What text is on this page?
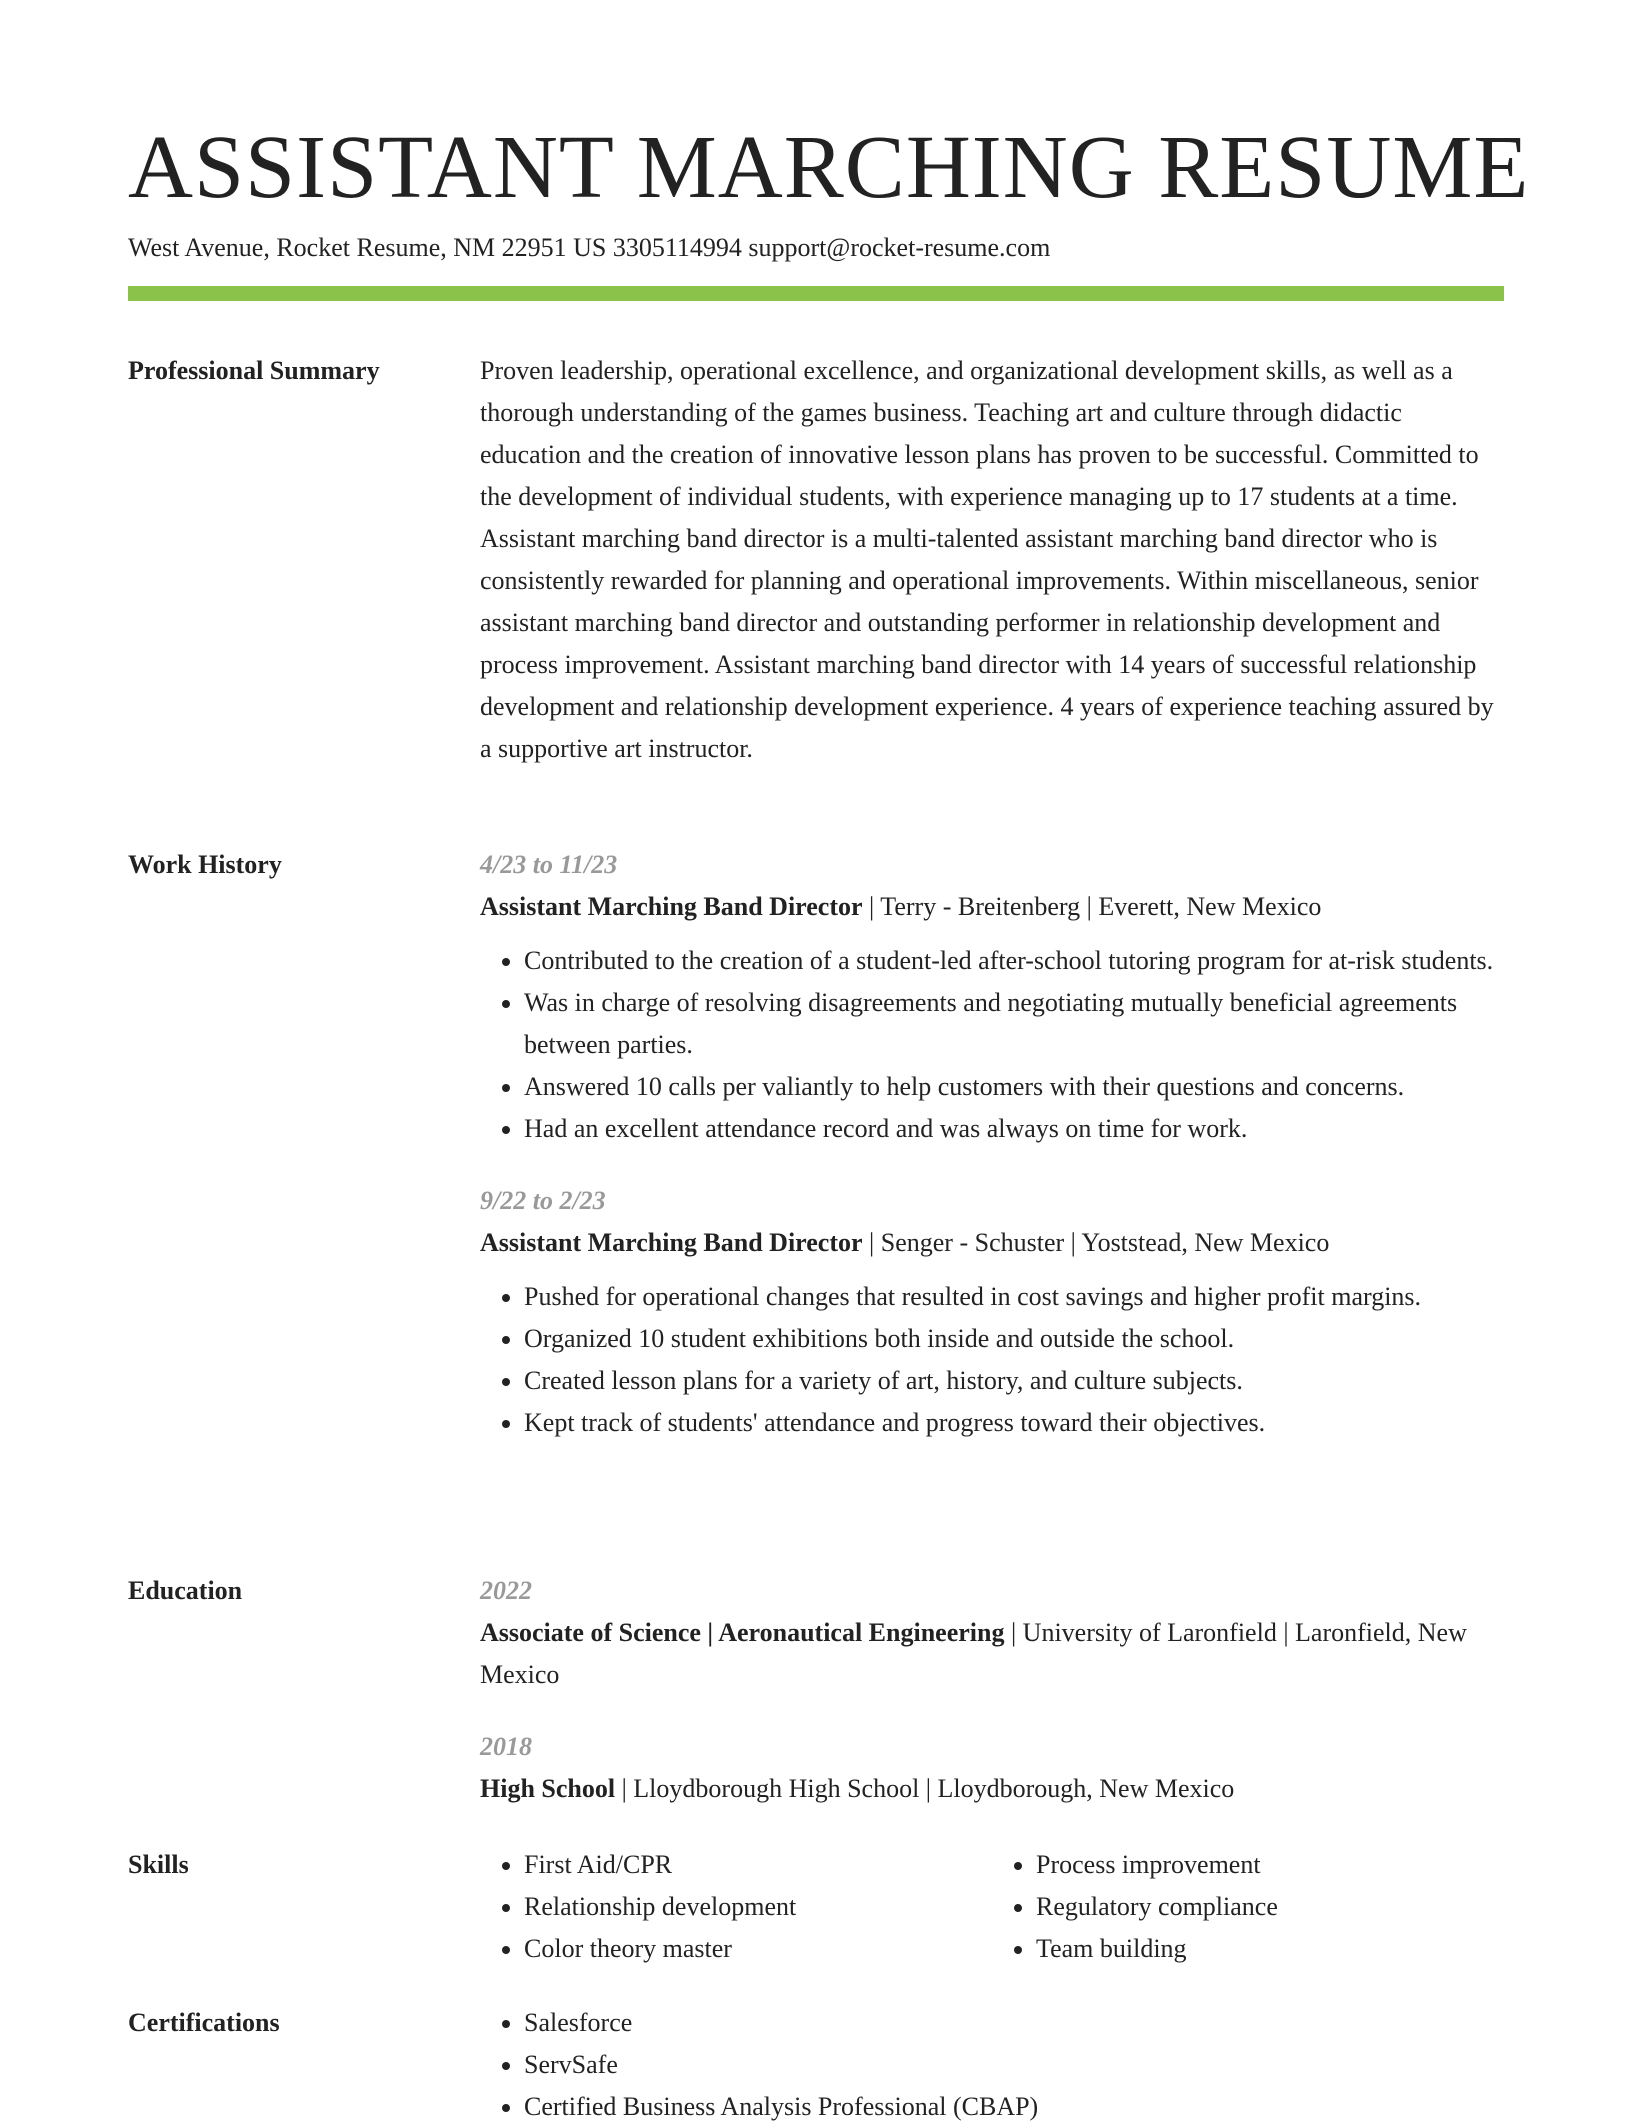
ASSISTANT MARCHING RESUME
West Avenue, Rocket Resume, NM 22951 US 3305114994 support@rocket-resume.com
Professional Summary	Proven leadership, operational excellence, and organizational development skills, as well as a thorough understanding of the games business. Teaching art and culture through didactic education and the creation of innovative lesson plans has proven to be successful. Committed to the development of individual students, with experience managing up to 17 students at a time. Assistant marching band director is a multi-talented assistant marching band director who is consistently rewarded for planning and operational improvements. Within miscellaneous, senior assistant marching band director and outstanding performer in relationship development and process improvement. Assistant marching band director with 14 years of successful relationship development and relationship development experience. 4 years of experience teaching assured by a supportive art instructor.

Work History	4/23 to 11/23
Assistant Marching Band Director | Terry - Breitenberg | Everett, New Mexico
• Contributed to the creation of a student-led after-school tutoring program for at-risk students.
• Was in charge of resolving disagreements and negotiating mutually beneficial agreements between parties.
• Answered 10 calls per valiantly to help customers with their questions and concerns.
• Had an excellent attendance record and was always on time for work.
9/22 to 2/23
Assistant Marching Band Director | Senger - Schuster | Yoststead, New Mexico
• Pushed for operational changes that resulted in cost savings and higher profit margins.
• Organized 10 student exhibitions both inside and outside the school.
• Created lesson plans for a variety of art, history, and culture subjects.
• Kept track of students' attendance and progress toward their objectives.
Education	2022
Associate of Science | Aeronautical Engineering | University of Laronfield | Laronfield, New Mexico
2018
High School | Lloydborough High School | Lloydborough, New Mexico
Skills	• First Aid/CPR
• Relationship development
• Color theory master
• Process improvement
• Regulatory compliance
• Team building
Certifications	• Salesforce
• ServSafe
• Certified Business Analysis Professional (CBAP)
